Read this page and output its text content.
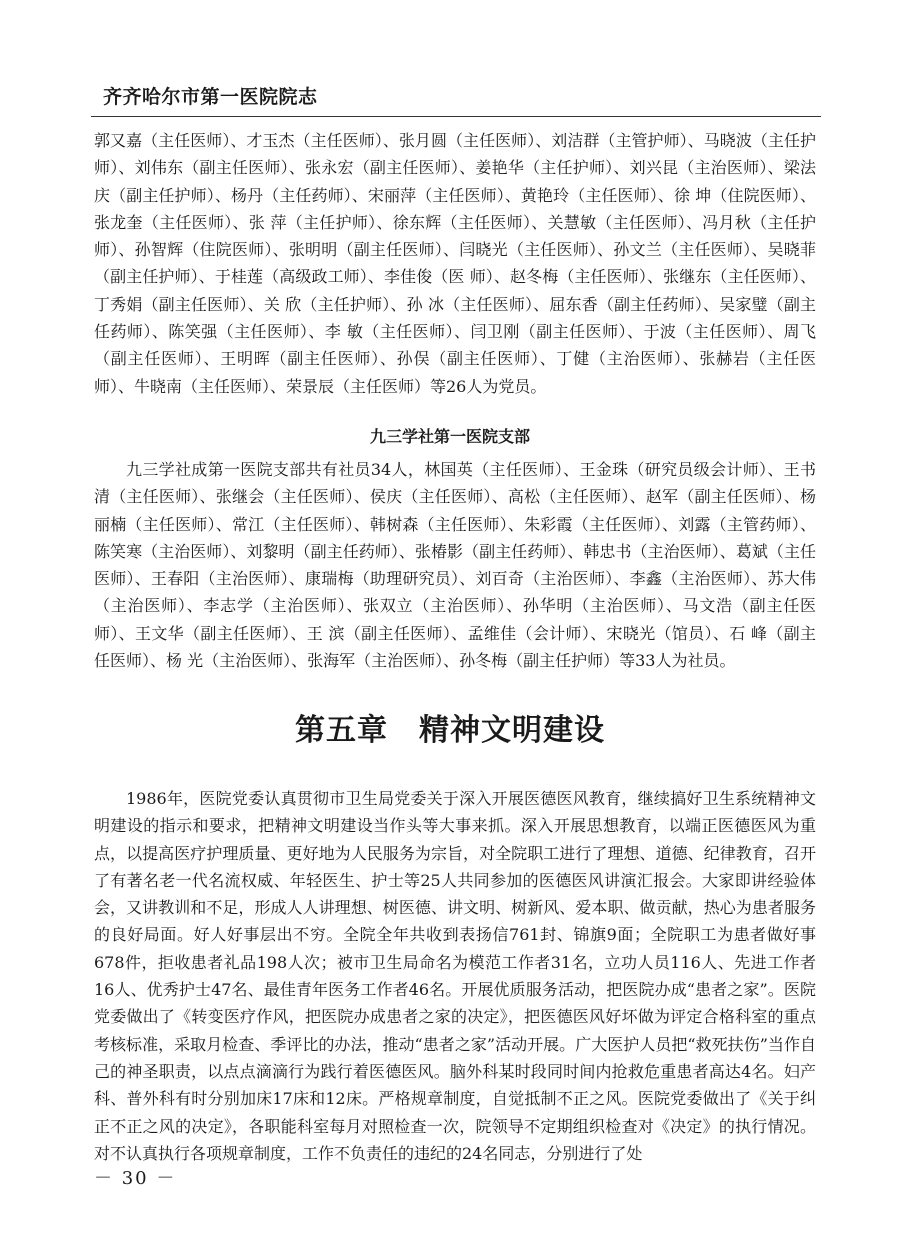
齐齐哈尔市第一医院院志

郭又嘉（主任医师）、才玉杰（主任医师）、张月圆（主任医师）、刘洁群（主管护师）、马晓波（主任护师）、刘伟东（副主任医师）、张永宏（副主任医师）、姜艳华（主任护师）、刘兴昆（主治医师）、梁法庆（副主任护师）、杨丹（主任药师）、宋丽萍（主任医师）、黄艳玲（主任医师）、徐 坤（住院医师）、张龙奎（主任医师）、张 萍（主任护师）、徐东辉（主任医师）、关慧敏（主任医师）、冯月秋（主任护师）、孙智辉（住院医师）、张明明（副主任医师）、闫晓光（主任医师）、孙文兰（主任医师）、吴晓菲（副主任护师）、于桂莲（高级政工师）、李佳俊（医 师）、赵冬梅（主任医师）、张继东（主任医师）、丁秀娟（副主任医师）、关 欣（主任护师）、孙 冰（主任医师）、屈东香（副主任药师）、吴家璧（副主任药师）、陈笑强（主任医师）、李 敏（主任医师）、闫卫刚（副主任医师）、于波（主任医师）、周飞（副主任医师）、王明晖（副主任医师）、孙俣（副主任医师）、丁健（主治医师）、张赫岩（主任医师）、牛晓南（主任医师）、荣景辰（主任医师）等26人为党员。

九三学社第一医院支部

九三学社成第一医院支部共有社员34人，林国英（主任医师）、王金珠（研究员级会计师）、王书清（主任医师）、张继会（主任医师）、侯庆（主任医师）、高松（主任医师）、赵军（副主任医师）、杨丽楠（主任医师）、常江（主任医师）、韩树森（主任医师）、朱彩霞（主任医师）、刘露（主管药师）、陈笑寒（主治医师）、刘黎明（副主任药师）、张椿影（副主任药师）、韩忠书（主治医师）、葛斌（主任医师）、王春阳（主治医师）、康瑞梅（助理研究员）、刘百奇（主治医师）、李鑫（主治医师）、苏大伟（主治医师）、李志学（主治医师）、张双立（主治医师）、孙华明（主治医师）、马文浩（副主任医师）、王文华（副主任医师）、王 滨（副主任医师）、孟维佳（会计师）、宋晓光（馆员）、石 峰（副主任医师）、杨 光（主治医师）、张海军（主治医师）、孙冬梅（副主任护师）等33人为社员。

第五章　精神文明建设

1986年，医院党委认真贯彻市卫生局党委关于深入开展医德医风教育，继续搞好卫生系统精神文明建设的指示和要求，把精神文明建设当作头等大事来抓。深入开展思想教育，以端正医德医风为重点，以提高医疗护理质量、更好地为人民服务为宗旨，对全院职工进行了理想、道德、纪律教育，召开了有著名老一代名流权威、年轻医生、护士等25人共同参加的医德医风讲演汇报会。大家即讲经验体会，又讲教训和不足，形成人人讲理想、树医德、讲文明、树新风、爱本职、做贡献，热心为患者服务的良好局面。好人好事层出不穷。全院全年共收到表扬信761封、锦旗9面；全院职工为患者做好事678件，拒收患者礼品198人次；被市卫生局命名为模范工作者31名，立功人员116人、先进工作者16人、优秀护士47名、最佳青年医务工作者46名。开展优质服务活动，把医院办成“患者之家”。医院党委做出了《转变医疗作风，把医院办成患者之家的决定》，把医德医风好坏做为评定合格科室的重点考核标准，采取月检查、季评比的办法，推动“患者之家”活动开展。广大医护人员把“救死扶伤”当作自己的神圣职责，以点点滴滴行为践行着医德医风。脑外科某时段同时间内抢救危重患者高达4名。妇产科、普外科有时分别加床17床和12床。严格规章制度，自觉抵制不正之风。医院党委做出了《关于纠正不正之风的决定》，各职能科室每月对照检查一次，院领导不定期组织检查对《决定》的执行情况。对不认真执行各项规章制度，工作不负责任的违纪的24名同志，分别进行了处

－ 30 －
